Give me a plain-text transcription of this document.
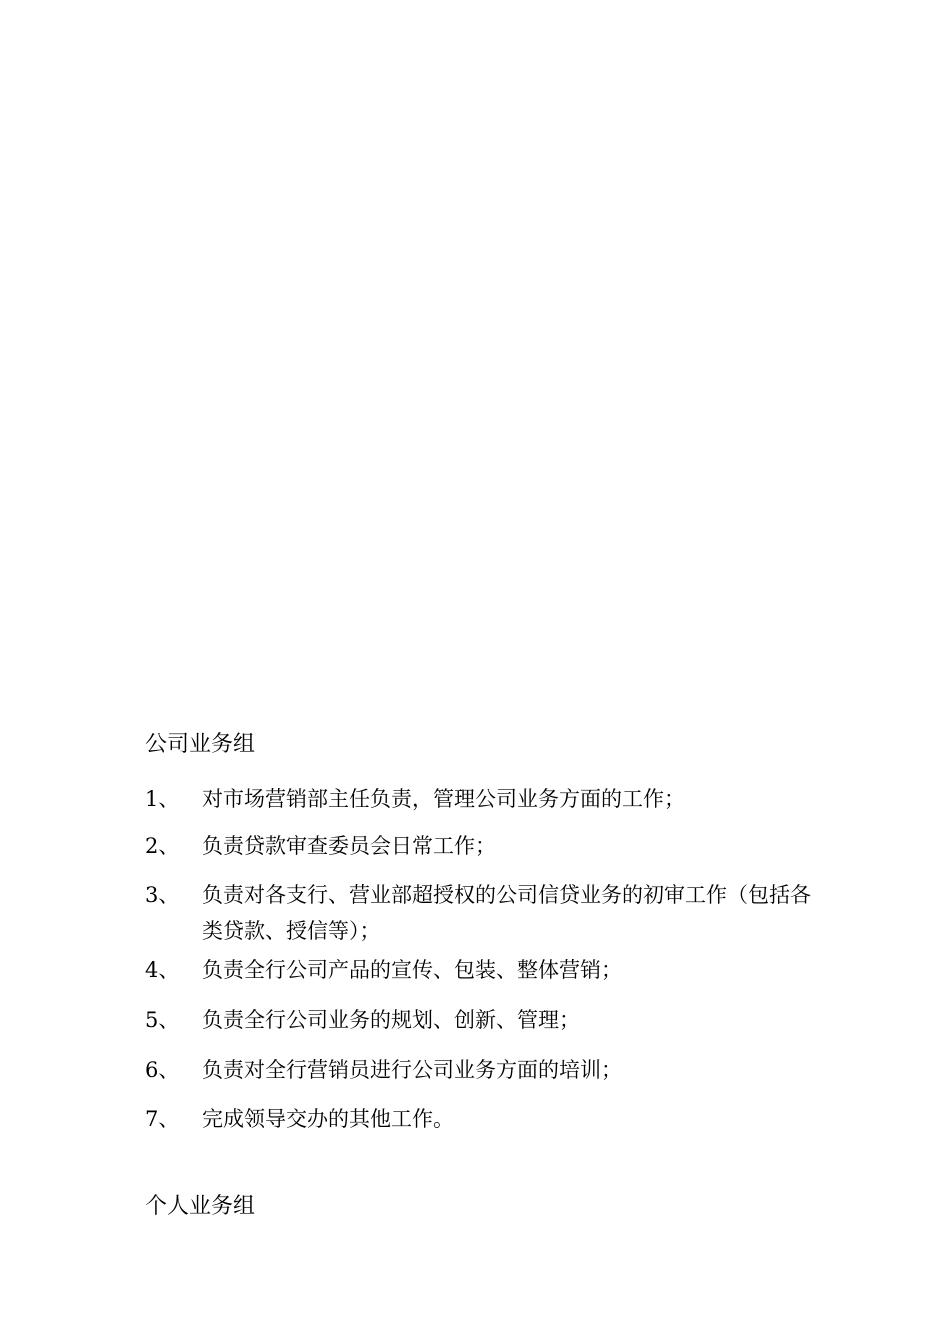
公司业务组
1、	对市场营销部主任负责，管理公司业务方面的工作；
2、	负责贷款审查委员会日常工作；
3、	负责对各支行、营业部超授权的公司信贷业务的初审工作（包括各类贷款、授信等）；
4、	负责全行公司产品的宣传、包装、整体营销；
5、	负责全行公司业务的规划、创新、管理；
6、	负责对全行营销员进行公司业务方面的培训；
7、	完成领导交办的其他工作。
个人业务组
